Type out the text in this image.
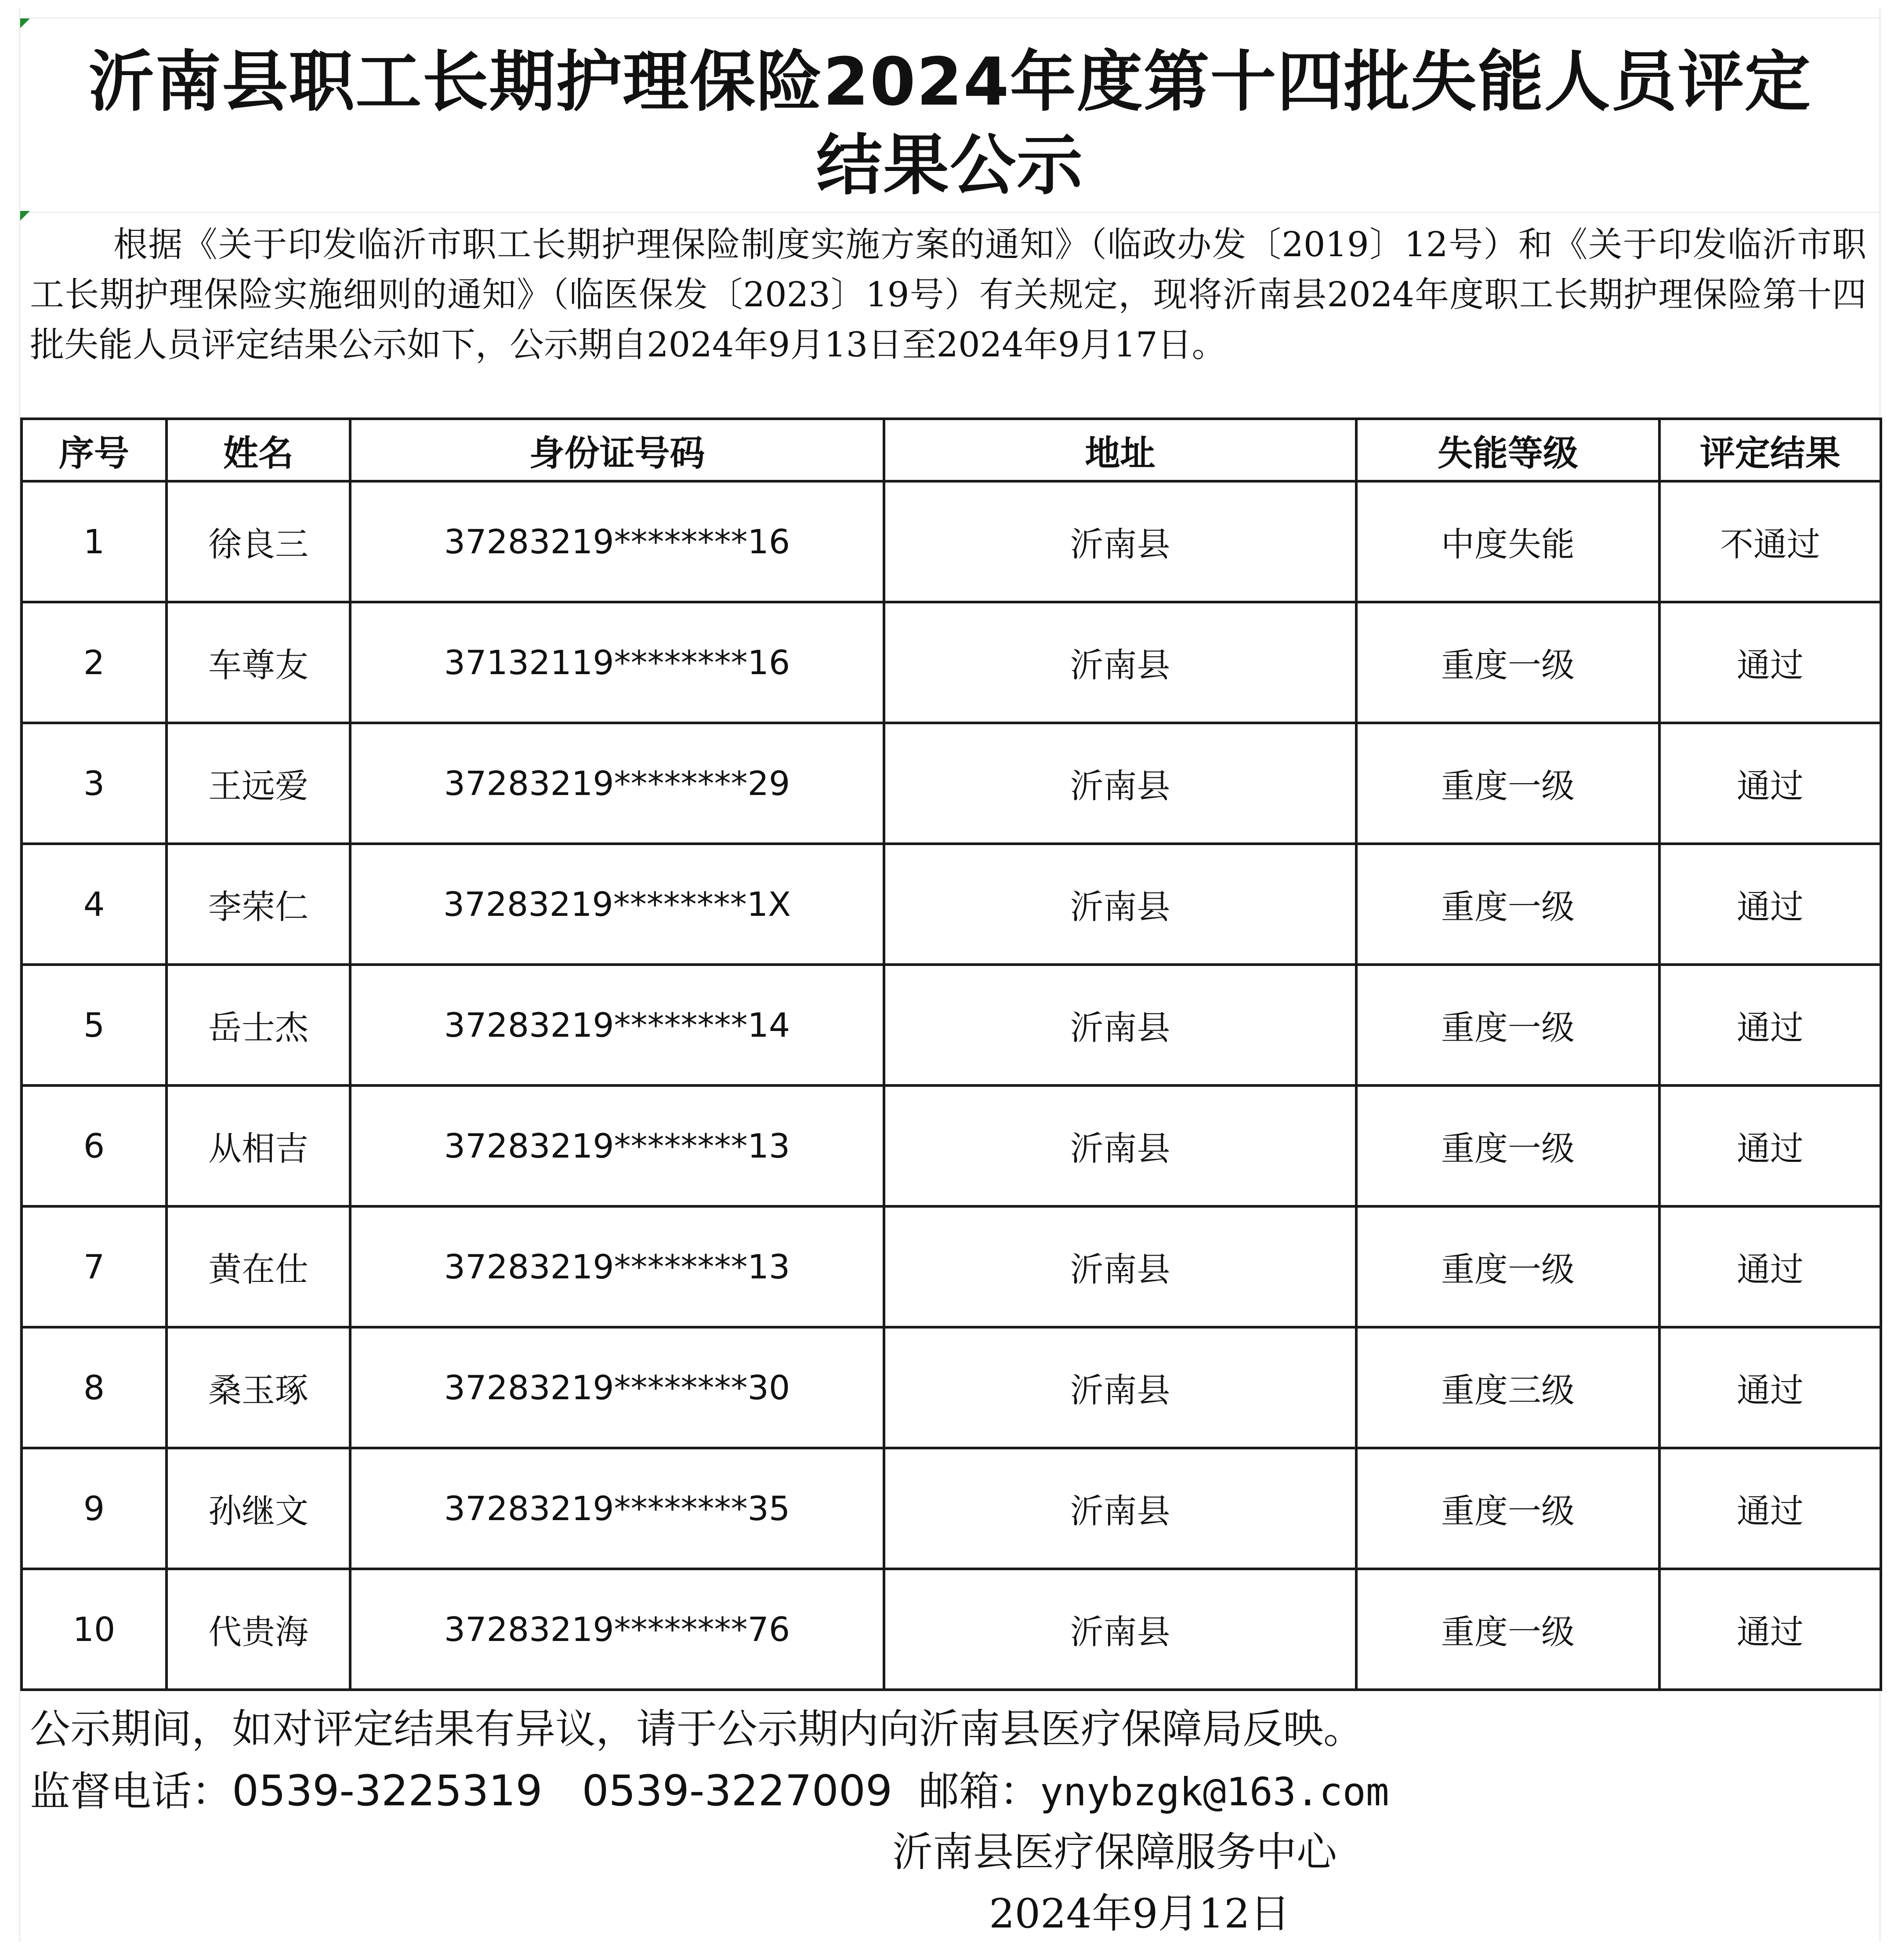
沂南县职工长期护理保险2024年度第十四批失能人员评定
结果公示

根据《关于印发临沂市职工长期护理保险制度实施方案的通知》（临政办发〔2019〕12号）和《关于印发临沂市职工长期护理保险实施细则的通知》（临医保发〔2023〕19号）有关规定，现将沂南县2024年度职工长期护理保险第十四批失能人员评定结果公示如下，公示期自2024年9月13日至2024年9月17日。

序号	姓名	身份证号码	地址	失能等级	评定结果
1	徐良三	37283219********16	沂南县	中度失能	不通过
2	车尊友	37132119********16	沂南县	重度一级	通过
3	王远爱	37283219********29	沂南县	重度一级	通过
4	李荣仁	37283219********1X	沂南县	重度一级	通过
5	岳士杰	37283219********14	沂南县	重度一级	通过
6	从相吉	37283219********13	沂南县	重度一级	通过
7	黄在仕	37283219********13	沂南县	重度一级	通过
8	桑玉琢	37283219********30	沂南县	重度三级	通过
9	孙继文	37283219********35	沂南县	重度一级	通过
10	代贵海	37283219********76	沂南县	重度一级	通过

公示期间，如对评定结果有异议，请于公示期内向沂南县医疗保障局反映。

监督电话：0539-3225319 0539-3227009 邮箱：ynybzgk@163.com

沂南县医疗保障服务中心

2024年9月12日
